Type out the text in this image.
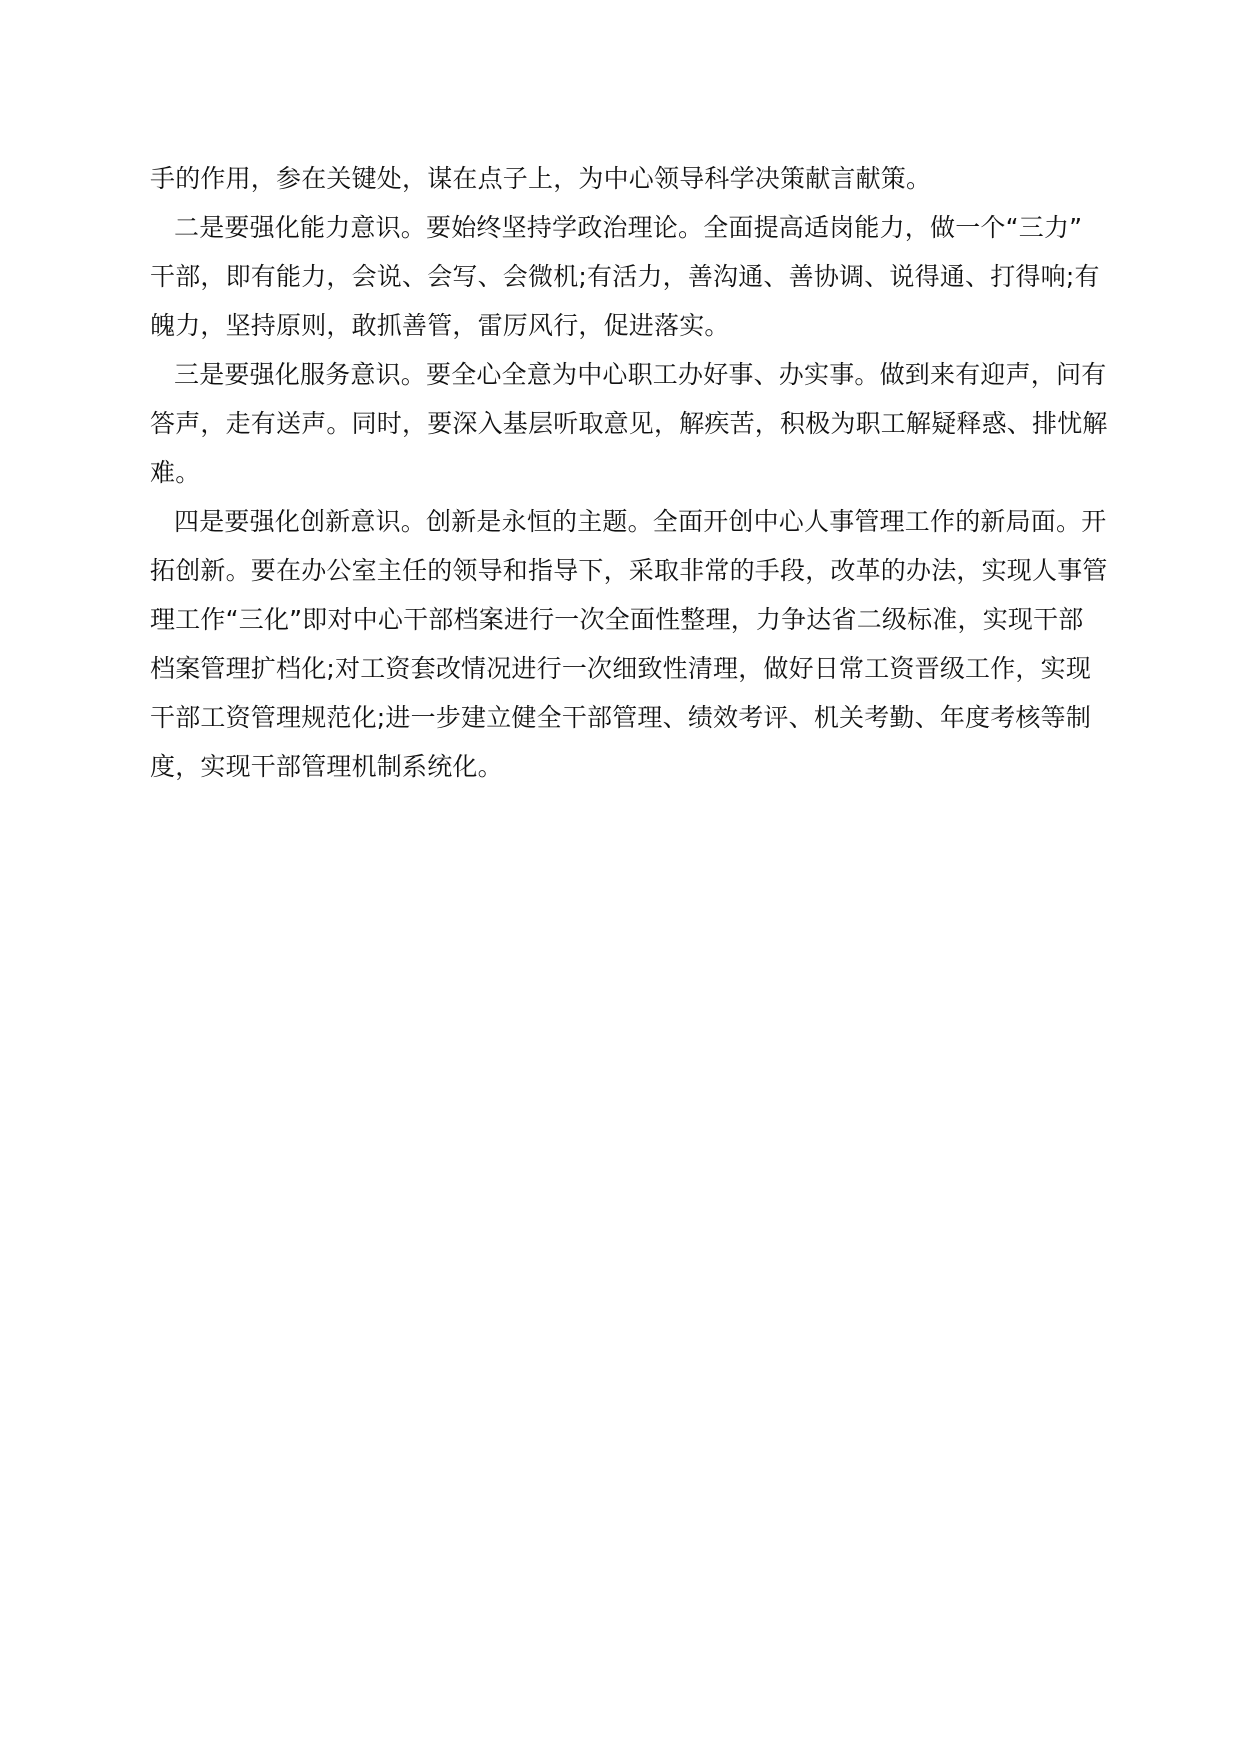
手的作用，参在关键处，谋在点子上，为中心领导科学决策献言献策。
二是要强化能力意识。要始终坚持学政治理论。全面提高适岗能力，做一个“三力”
干部，即有能力，会说、会写、会微机;有活力，善沟通、善协调、说得通、打得响;有
魄力，坚持原则，敢抓善管，雷厉风行，促进落实。
三是要强化服务意识。要全心全意为中心职工办好事、办实事。做到来有迎声，问有
答声，走有送声。同时，要深入基层听取意见，解疾苦，积极为职工解疑释惑、排忧解
难。
四是要强化创新意识。创新是永恒的主题。全面开创中心人事管理工作的新局面。开
拓创新。要在办公室主任的领导和指导下，采取非常的手段，改革的办法，实现人事管
理工作“三化”即对中心干部档案进行一次全面性整理，力争达省二级标准，实现干部
档案管理扩档化;对工资套改情况进行一次细致性清理，做好日常工资晋级工作，实现
干部工资管理规范化;进一步建立健全干部管理、绩效考评、机关考勤、年度考核等制
度，实现干部管理机制系统化。
